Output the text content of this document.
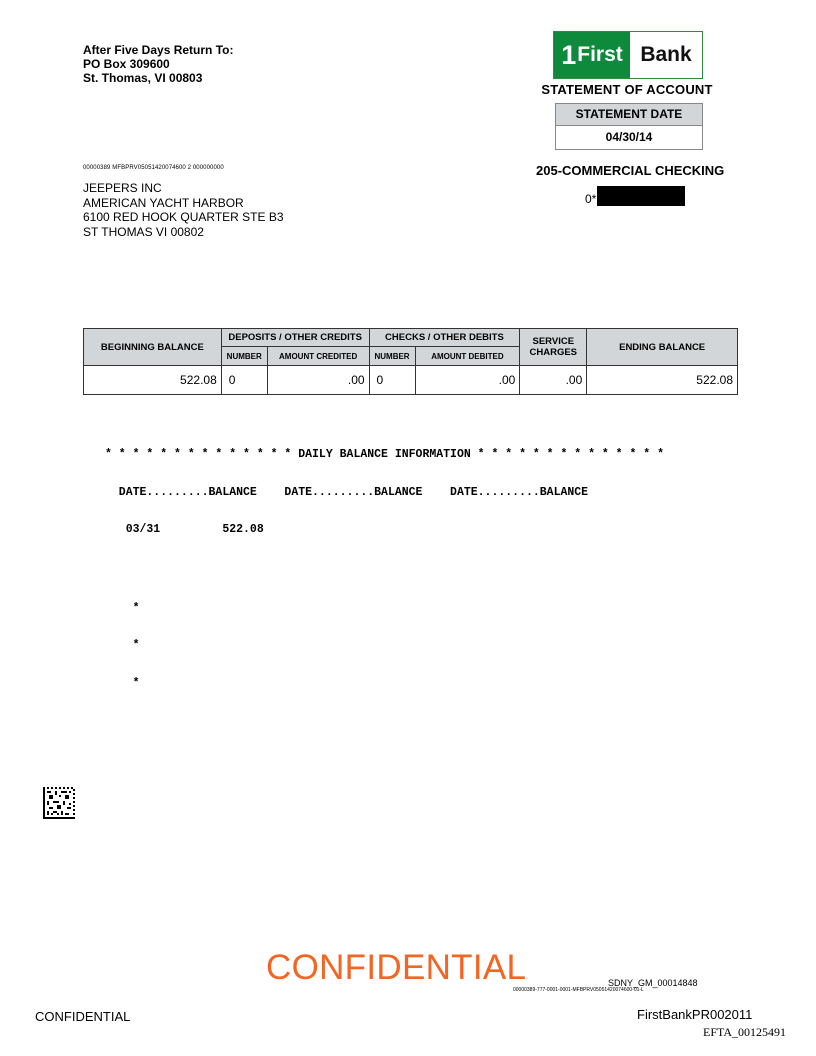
After Five Days Return To:
PO Box 309600
St. Thomas, VI 00803
1 First Bank
STATEMENT OF ACCOUNT
STATEMENT DATE
04/30/14
205-COMMERCIAL CHECKING
0*
00000389 MFBPRV05051420074600 2 000000000
JEEPERS INC
AMERICAN YACHT HARBOR
6100 RED HOOK QUARTER STE B3
ST THOMAS VI 00802
BEGINNING BALANCE	DEPOSITS / OTHER CREDITS		CHECKS / OTHER DEBITS		SERVICE
CHARGES	ENDING BALANCE
	NUMBER	AMOUNT CREDITED	NUMBER	AMOUNT DEBITED		
522.08	0	.00	0	.00	.00	522.08

* * * * * * * * * * * * * * DAILY BALANCE INFORMATION * * * * * * * * * * * * * *

DATE.........BALANCE    DATE.........BALANCE    DATE.........BALANCE

03/31         522.08

*

*

*

CONFIDENTIAL	SDNY_GM_00014848
00000389-777-0001-0001-MFBPRV05051420074600-01-L
CONFIDENTIAL	FirstBankPR002011
EFTA_00125491
